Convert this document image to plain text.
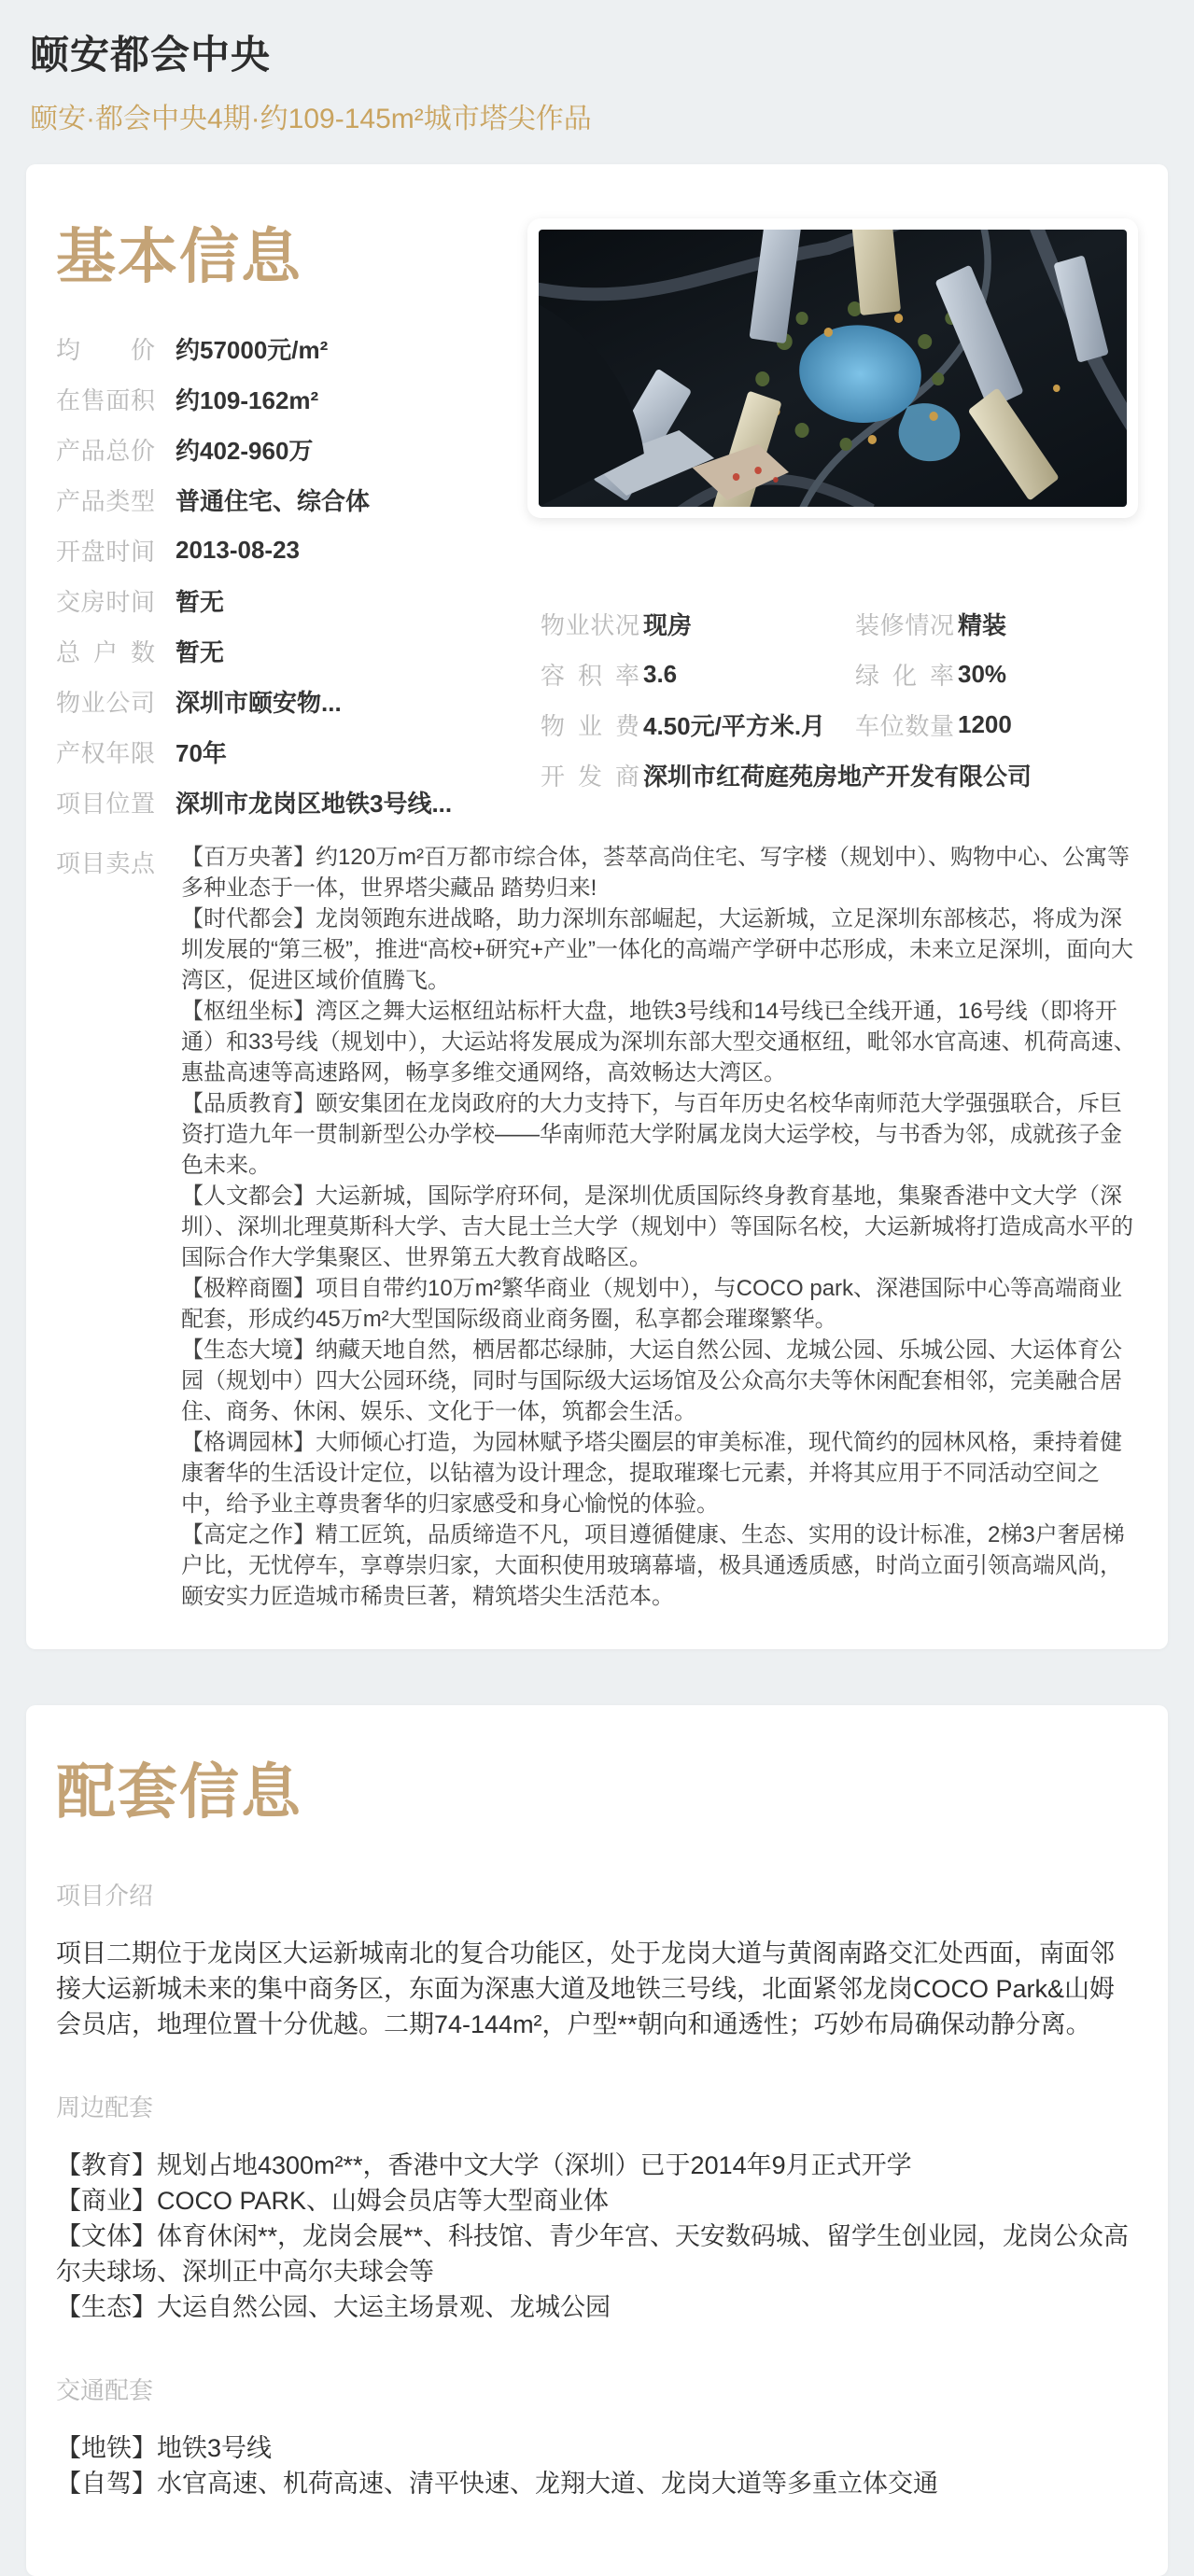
颐安都会中央
颐安·都会中央4期·约109-145m²城市塔尖作品
基本信息
均价 约57000元/m²
在售面积 约109-162m²
产品总价 约402-960万
产品类型 普通住宅、综合体
开盘时间 2013-08-23
交房时间 暂无
总户数 暂无
物业公司 深圳市颐安物...
产权年限 70年
项目位置 深圳市龙岗区地铁3号线...
物业状况 现房	装修情况 精装
容积率 3.6	绿化率 30%
物业费 4.50元/平方米.月	车位数量 1200
开发商 深圳市红荷庭苑房地产开发有限公司
项目卖点 【百万央著】约120万m²百万都市综合体，荟萃高尚住宅、写字楼（规划中）、购物中心、公寓等多种业态于一体，世界塔尖藏品 踏势归来!

【时代都会】龙岗领跑东进战略，助力深圳东部崛起，大运新城，立足深圳东部核芯，将成为深圳发展的“第三极”，推进“高校+研究+产业”一体化的高端产学研中芯形成，未来立足深圳，面向大湾区，促进区域价值腾飞。

【枢纽坐标】湾区之舞大运枢纽站标杆大盘，地铁3号线和14号线已全线开通，16号线（即将开通）和33号线（规划中），大运站将发展成为深圳东部大型交通枢纽，毗邻水官高速、机荷高速、惠盐高速等高速路网，畅享多维交通网络，高效畅达大湾区。

【品质教育】颐安集团在龙岗政府的大力支持下，与百年历史名校华南师范大学强强联合，斥巨资打造九年一贯制新型公办学校——华南师范大学附属龙岗大运学校，与书香为邻，成就孩子金色未来。

【人文都会】大运新城，国际学府环伺，是深圳优质国际终身教育基地，集聚香港中文大学（深圳）、深圳北理莫斯科大学、吉大昆士兰大学（规划中）等国际名校，大运新城将打造成高水平的国际合作大学集聚区、世界第五大教育战略区。

【极粹商圈】项目自带约10万m²繁华商业（规划中），与COCO park、深港国际中心等高端商业配套，形成约45万m²大型国际级商业商务圈，私享都会璀璨繁华。

【生态大境】纳藏天地自然，栖居都芯绿肺，大运自然公园、龙城公园、乐城公园、大运体育公园（规划中）四大公园环绕，同时与国际级大运场馆及公众高尔夫等休闲配套相邻，完美融合居住、商务、休闲、娱乐、文化于一体，筑都会生活。

【格调园林】大师倾心打造，为园林赋予塔尖圈层的审美标准，现代简约的园林风格，秉持着健康奢华的生活设计定位，以钻禧为设计理念，提取璀璨七元素，并将其应用于不同活动空间之中，给予业主尊贵奢华的归家感受和身心愉悦的体验。

【高定之作】精工匠筑，品质缔造不凡，项目遵循健康、生态、实用的设计标准，2梯3户奢居梯户比，无忧停车，享尊崇归家，大面积使用玻璃幕墙，极具通透质感，时尚立面引领高端风尚，颐安实力匠造城市稀贵巨著，精筑塔尖生活范本。

配套信息
项目介绍

项目二期位于龙岗区大运新城南北的复合功能区，处于龙岗大道与黄阁南路交汇处西面，南面邻接大运新城未来的集中商务区，东面为深惠大道及地铁三号线，北面紧邻龙岗COCO Park&山姆会员店，地理位置十分优越。二期74-144m²，户型**朝向和通透性；巧妙布局确保动静分离。

周边配套

【教育】规划占地4300m²**，香港中文大学（深圳）已于2014年9月正式开学

【商业】COCO PARK、山姆会员店等大型商业体

【文体】体育休闲**，龙岗会展**、科技馆、青少年宫、天安数码城、留学生创业园，龙岗公众高尔夫球场、深圳正中高尔夫球会等

【生态】大运自然公园、大运主场景观、龙城公园

交通配套

【地铁】地铁3号线

【自驾】水官高速、机荷高速、清平快速、龙翔大道、龙岗大道等多重立体交通
